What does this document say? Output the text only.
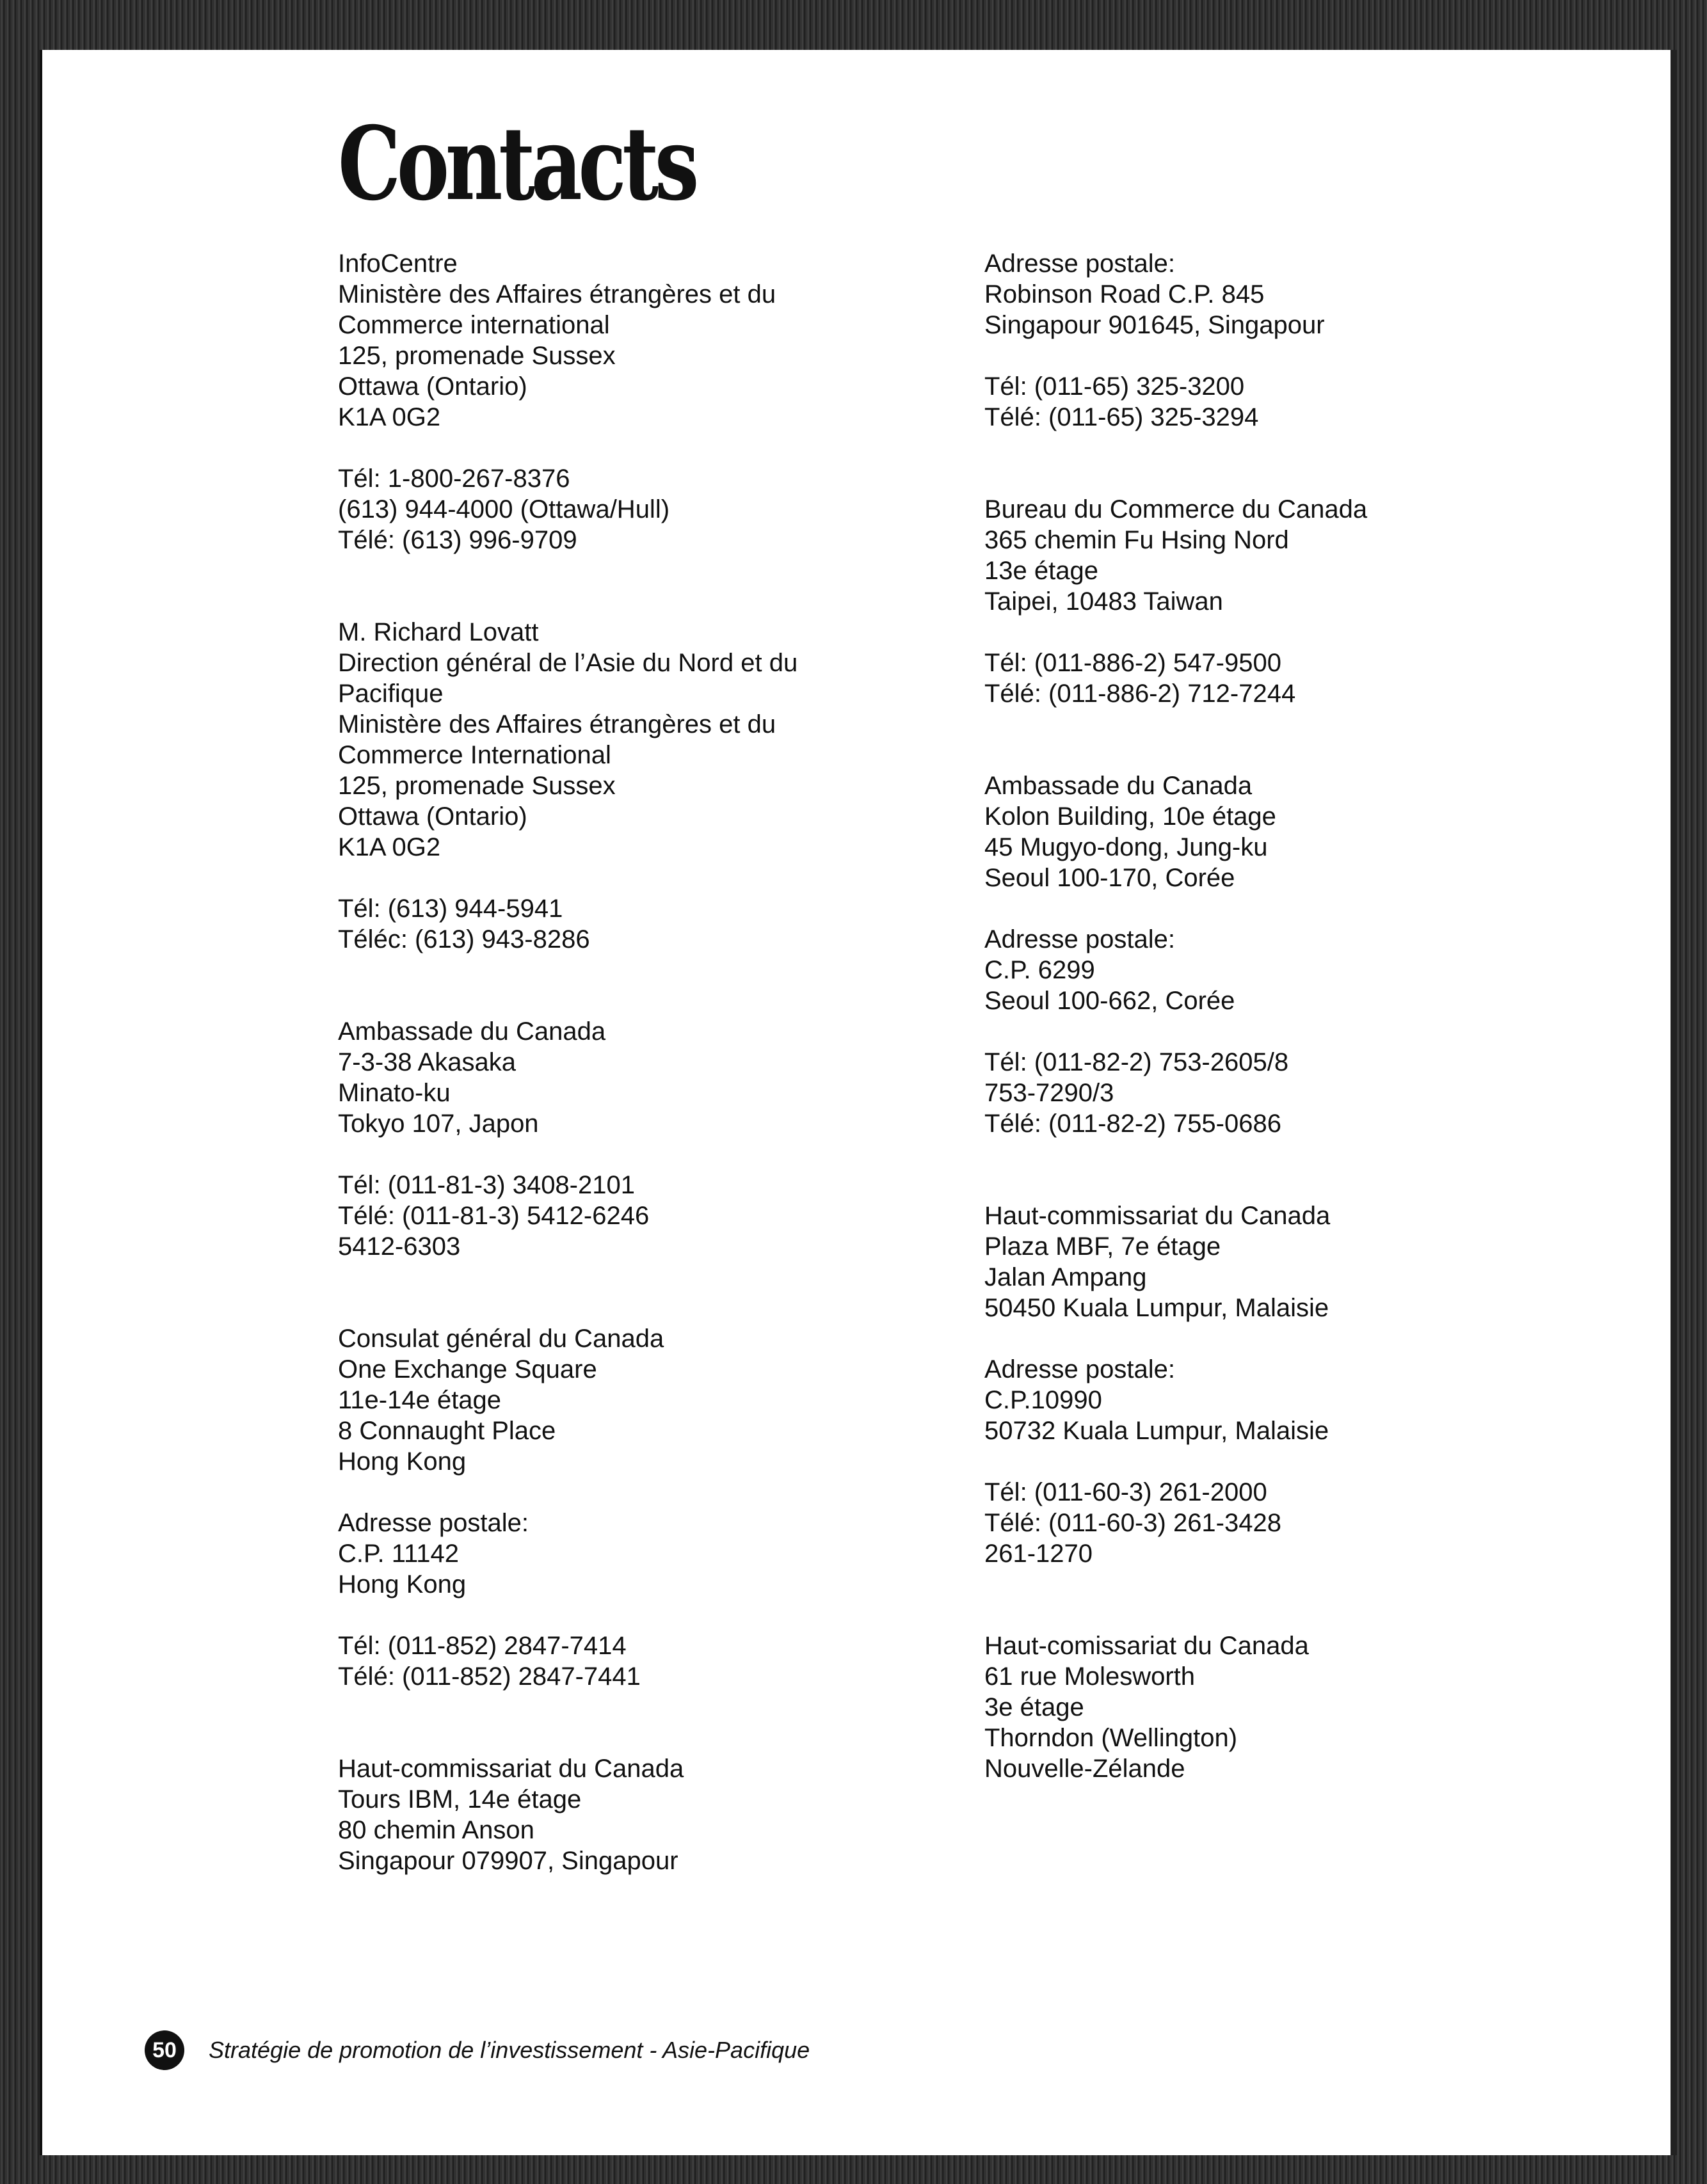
Contacts
InfoCentre
Ministère des Affaires étrangères et du
Commerce international
125, promenade Sussex
Ottawa (Ontario)
K1A 0G2
Tél: 1-800-267-8376
(613) 944-4000 (Ottawa/Hull)
Télé: (613) 996-9709
M. Richard Lovatt
Direction général de l’Asie du Nord et du
Pacifique
Ministère des Affaires étrangères et du
Commerce International
125, promenade Sussex
Ottawa (Ontario)
K1A 0G2
Tél: (613) 944-5941
Téléc: (613) 943-8286
Ambassade du Canada
7-3-38 Akasaka
Minato-ku
Tokyo 107, Japon
Tél: (011-81-3) 3408-2101
Télé: (011-81-3) 5412-6246
5412-6303
Consulat général du Canada
One Exchange Square
11e-14e étage
8 Connaught Place
Hong Kong
Adresse postale:
C.P. 11142
Hong Kong
Tél: (011-852) 2847-7414
Télé: (011-852) 2847-7441
Haut-commissariat du Canada
Tours IBM, 14e étage
80 chemin Anson
Singapour 079907, Singapour
Adresse postale:
Robinson Road C.P. 845
Singapour 901645, Singapour
Tél: (011-65) 325-3200
Télé: (011-65) 325-3294
Bureau du Commerce du Canada
365 chemin Fu Hsing Nord
13e étage
Taipei, 10483 Taiwan
Tél: (011-886-2) 547-9500
Télé: (011-886-2) 712-7244
Ambassade du Canada
Kolon Building, 10e étage
45 Mugyo-dong, Jung-ku
Seoul 100-170, Corée
Adresse postale:
C.P. 6299
Seoul 100-662, Corée
Tél: (011-82-2) 753-2605/8
753-7290/3
Télé: (011-82-2) 755-0686
Haut-commissariat du Canada
Plaza MBF, 7e étage
Jalan Ampang
50450 Kuala Lumpur, Malaisie
Adresse postale:
C.P.10990
50732 Kuala Lumpur, Malaisie
Tél: (011-60-3) 261-2000
Télé: (011-60-3) 261-3428
261-1270
Haut-comissariat du Canada
61 rue Molesworth
3e étage
Thorndon (Wellington)
Nouvelle-Zélande
50	Stratégie de promotion de l’investissement - Asie-Pacifique
